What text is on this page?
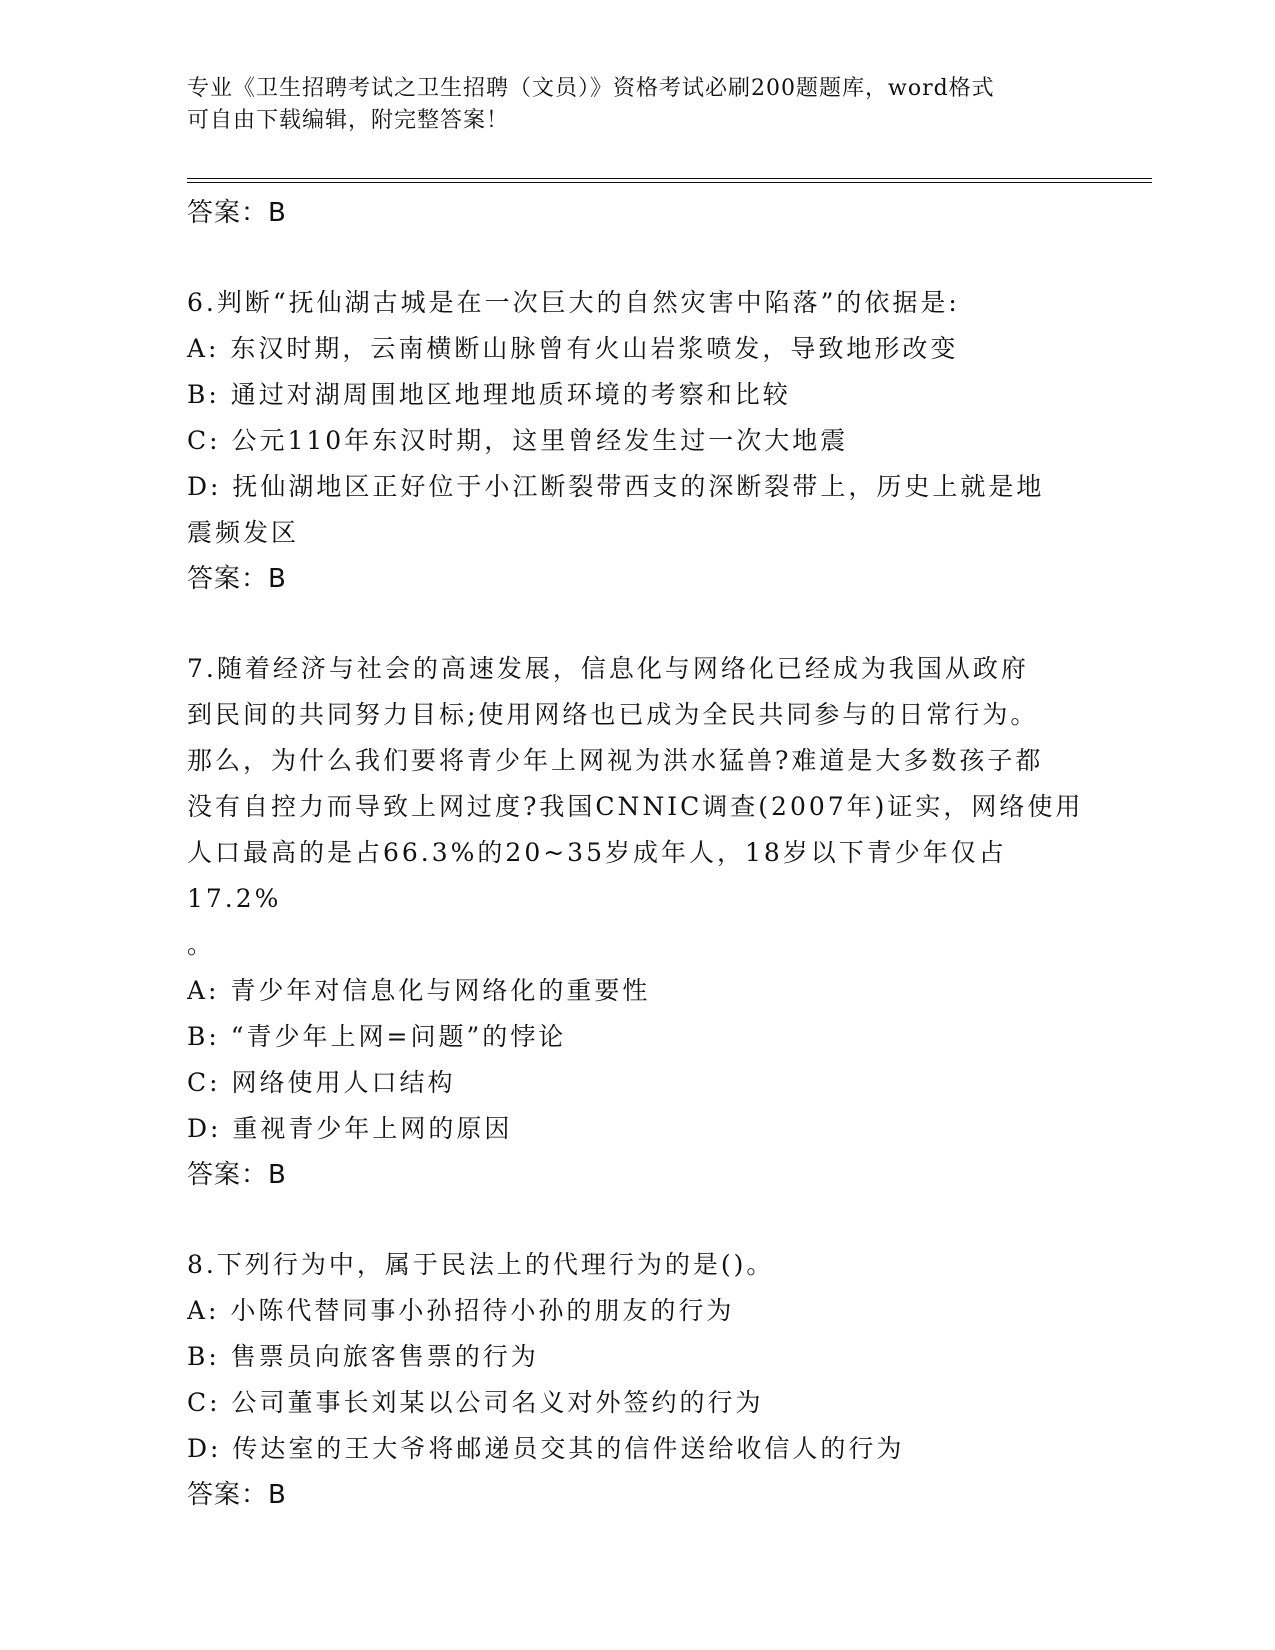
专业《卫生招聘考试之卫生招聘（文员）》资格考试必刷200题题库，word格式
可自由下载编辑，附完整答案！
答案：B
6.判断“抚仙湖古城是在一次巨大的自然灾害中陷落”的依据是:
A: 东汉时期，云南横断山脉曾有火山岩浆喷发，导致地形改变
B: 通过对湖周围地区地理地质环境的考察和比较
C: 公元110年东汉时期，这里曾经发生过一次大地震
D: 抚仙湖地区正好位于小江断裂带西支的深断裂带上，历史上就是地
震频发区
答案：B
7.随着经济与社会的高速发展，信息化与网络化已经成为我国从政府
到民间的共同努力目标;使用网络也已成为全民共同参与的日常行为。
那么，为什么我们要将青少年上网视为洪水猛兽?难道是大多数孩子都
没有自控力而导致上网过度?我国CNNIC调查(2007年)证实，网络使用
人口最高的是占66.3%的20~35岁成年人，18岁以下青少年仅占17.2%
。
A: 青少年对信息化与网络化的重要性
B: “青少年上网=问题”的悖论
C: 网络使用人口结构
D: 重视青少年上网的原因
答案：B
8.下列行为中，属于民法上的代理行为的是()。
A: 小陈代替同事小孙招待小孙的朋友的行为
B: 售票员向旅客售票的行为
C: 公司董事长刘某以公司名义对外签约的行为
D: 传达室的王大爷将邮递员交其的信件送给收信人的行为
答案：B
